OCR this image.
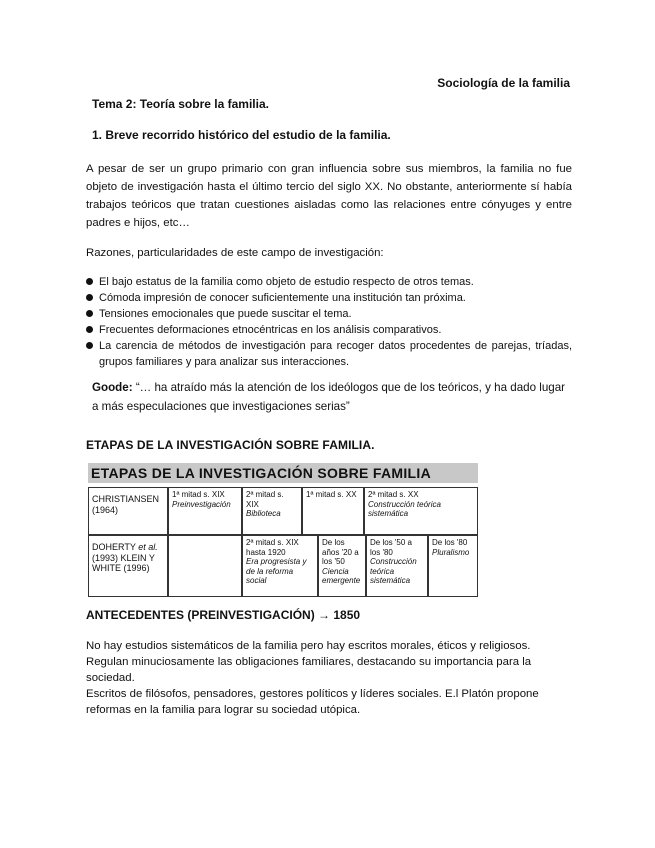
Sociología de la familia
Tema 2: Teoría sobre la familia.
1. Breve recorrido histórico del estudio de la familia.

A pesar de ser un grupo primario con gran influencia sobre sus miembros, la familia no fue objeto de investigación hasta el último tercio del siglo XX. No obstante, anteriormente sí había trabajos teóricos que tratan cuestiones aisladas como las relaciones entre cónyuges y entre padres e hijos, etc…

Razones, particularidades de este campo de investigación:

El bajo estatus de la familia como objeto de estudio respecto de otros temas.
Cómoda impresión de conocer suficientemente una institución tan próxima.
Tensiones emocionales que puede suscitar el tema.
Frecuentes deformaciones etnocéntricas en los análisis comparativos.
La carencia de métodos de investigación para recoger datos procedentes de parejas, tríadas, grupos familiares y para analizar sus interacciones.
Goode: “… ha atraído más la atención de los ideólogos que de los teóricos, y ha dado lugar a más especulaciones que investigaciones serias”
ETAPAS DE LA INVESTIGACIÓN SOBRE FAMILIA.
ETAPAS DE LA INVESTIGACIÓN SOBRE FAMILIA
CHRISTIANSEN (1964)
1ª mitad s. XIX
Preinvestigación
2ª mitad s. XIX
Biblioteca
1ª mitad s. XX	2ª mitad s. XX
Construcción teórica sistemática
DOHERTY et al. (1993) KLEIN Y WHITE (1996)
2ª mitad s. XIX hasta 1920
Era progresista y de la reforma social
De los años '20 a los '50
Ciencia emergente
De los '50 a los '80
Construcción teórica sistemática
De los '80
Pluralismo
ANTECEDENTES (PREINVESTIGACIÓN) → 1850
No hay estudios sistemáticos de la familia pero hay escritos morales, éticos y religiosos.
Regulan minuciosamente las obligaciones familiares, destacando su importancia para la sociedad.
Escritos de filósofos, pensadores, gestores políticos y líderes sociales. E.l Platón propone reformas en la familia para lograr su sociedad utópica.
